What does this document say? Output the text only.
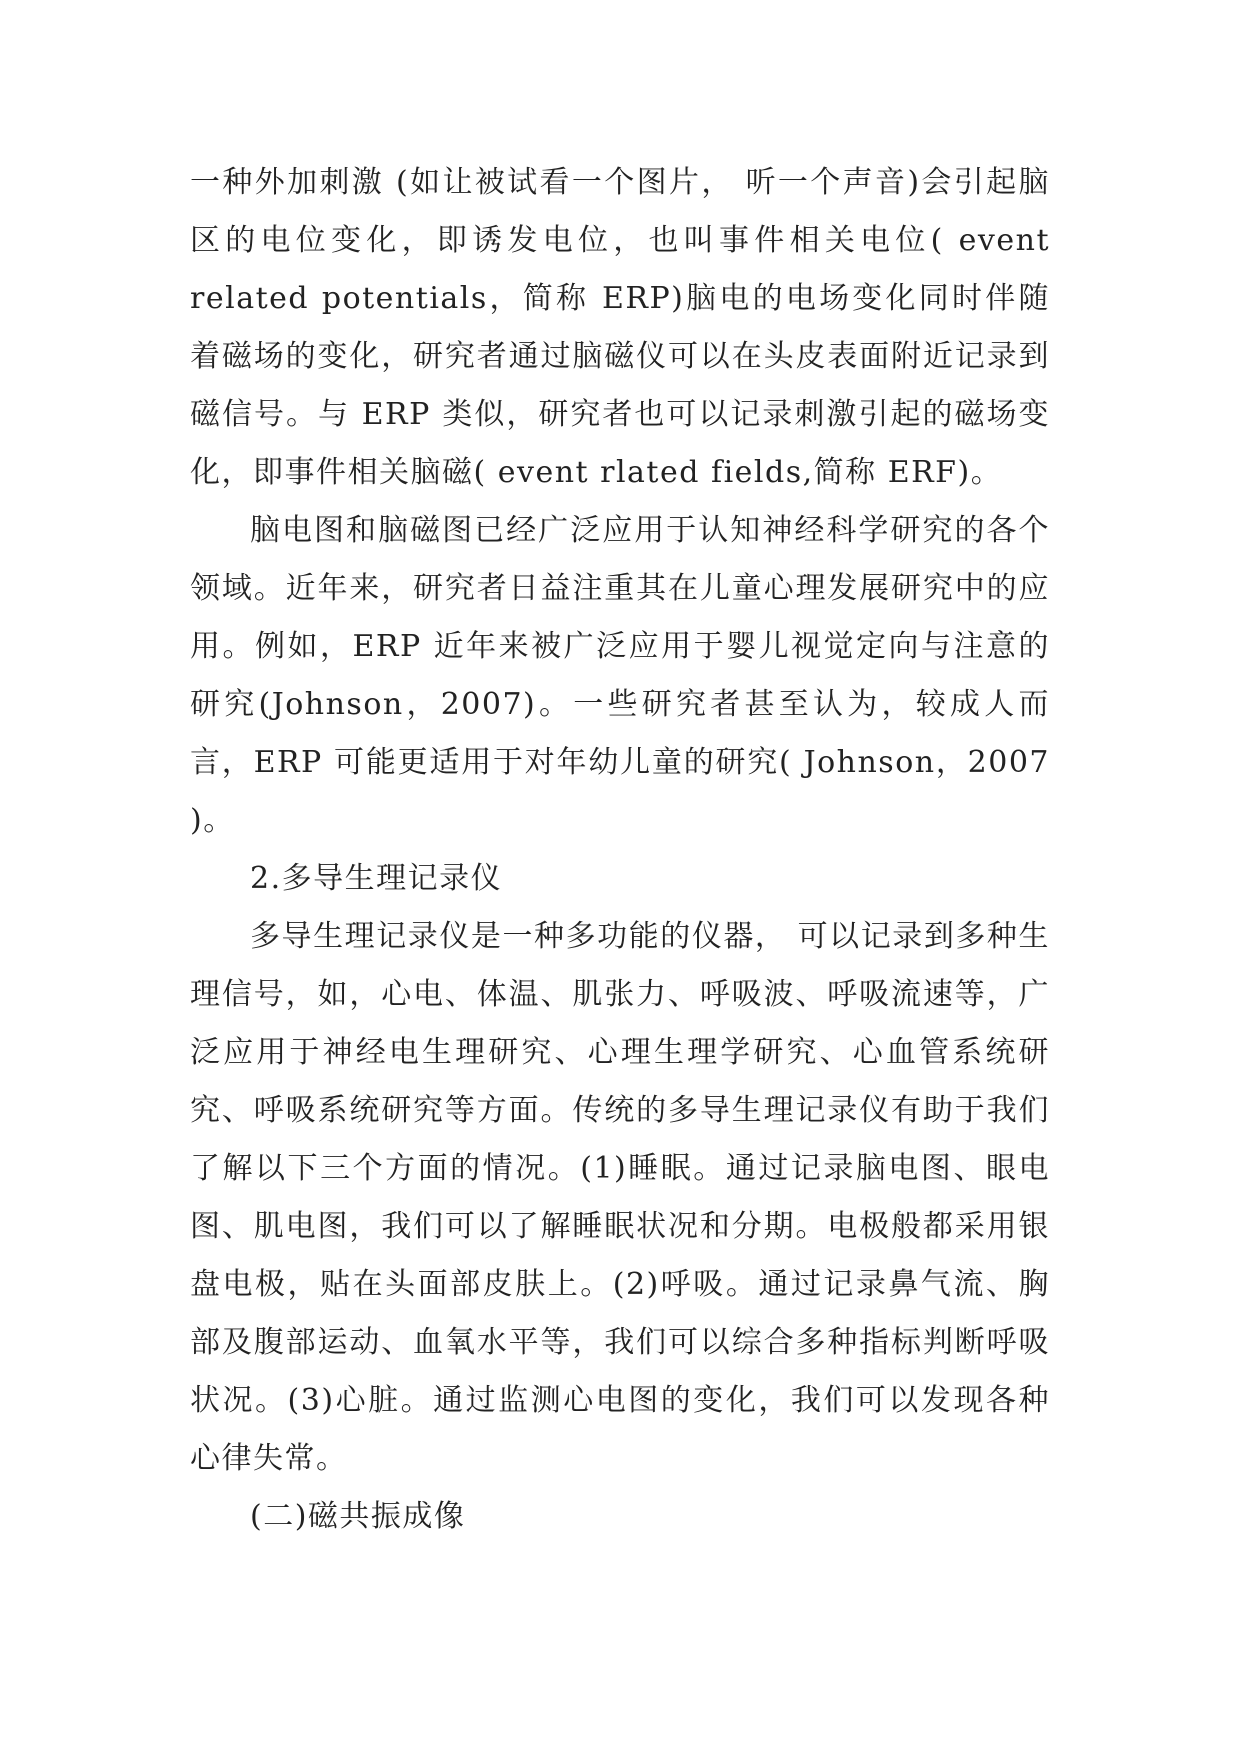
一种外加刺激 (如让被试看一个图片， 听一个声音)会引起脑区的电位变化，即诱发电位，也叫事件相关电位( event related potentials，简称 ERP)脑电的电场变化同时伴随着磁场的变化，研究者通过脑磁仪可以在头皮表面附近记录到磁信号。与 ERP 类似，研究者也可以记录刺激引起的磁场变化，即事件相关脑磁( event rlated fields,简称 ERF)。

脑电图和脑磁图已经广泛应用于认知神经科学研究的各个领域。近年来，研究者日益注重其在儿童心理发展研究中的应用。例如，ERP 近年来被广泛应用于婴儿视觉定向与注意的研究(Johnson，2007)。一些研究者甚至认为，较成人而言，ERP 可能更适用于对年幼儿童的研究( Johnson，2007 )。

2.多导生理记录仪

多导生理记录仪是一种多功能的仪器， 可以记录到多种生理信号，如，心电、体温、肌张力、呼吸波、呼吸流速等，广泛应用于神经电生理研究、心理生理学研究、心血管系统研究、呼吸系统研究等方面。传统的多导生理记录仪有助于我们了解以下三个方面的情况。(1)睡眠。通过记录脑电图、眼电图、肌电图，我们可以了解睡眠状况和分期。电极般都采用银盘电极，贴在头面部皮肤上。(2)呼吸。通过记录鼻气流、胸部及腹部运动、血氧水平等，我们可以综合多种指标判断呼吸状况。(3)心脏。通过监测心电图的变化，我们可以发现各种心律失常。

(二)磁共振成像
